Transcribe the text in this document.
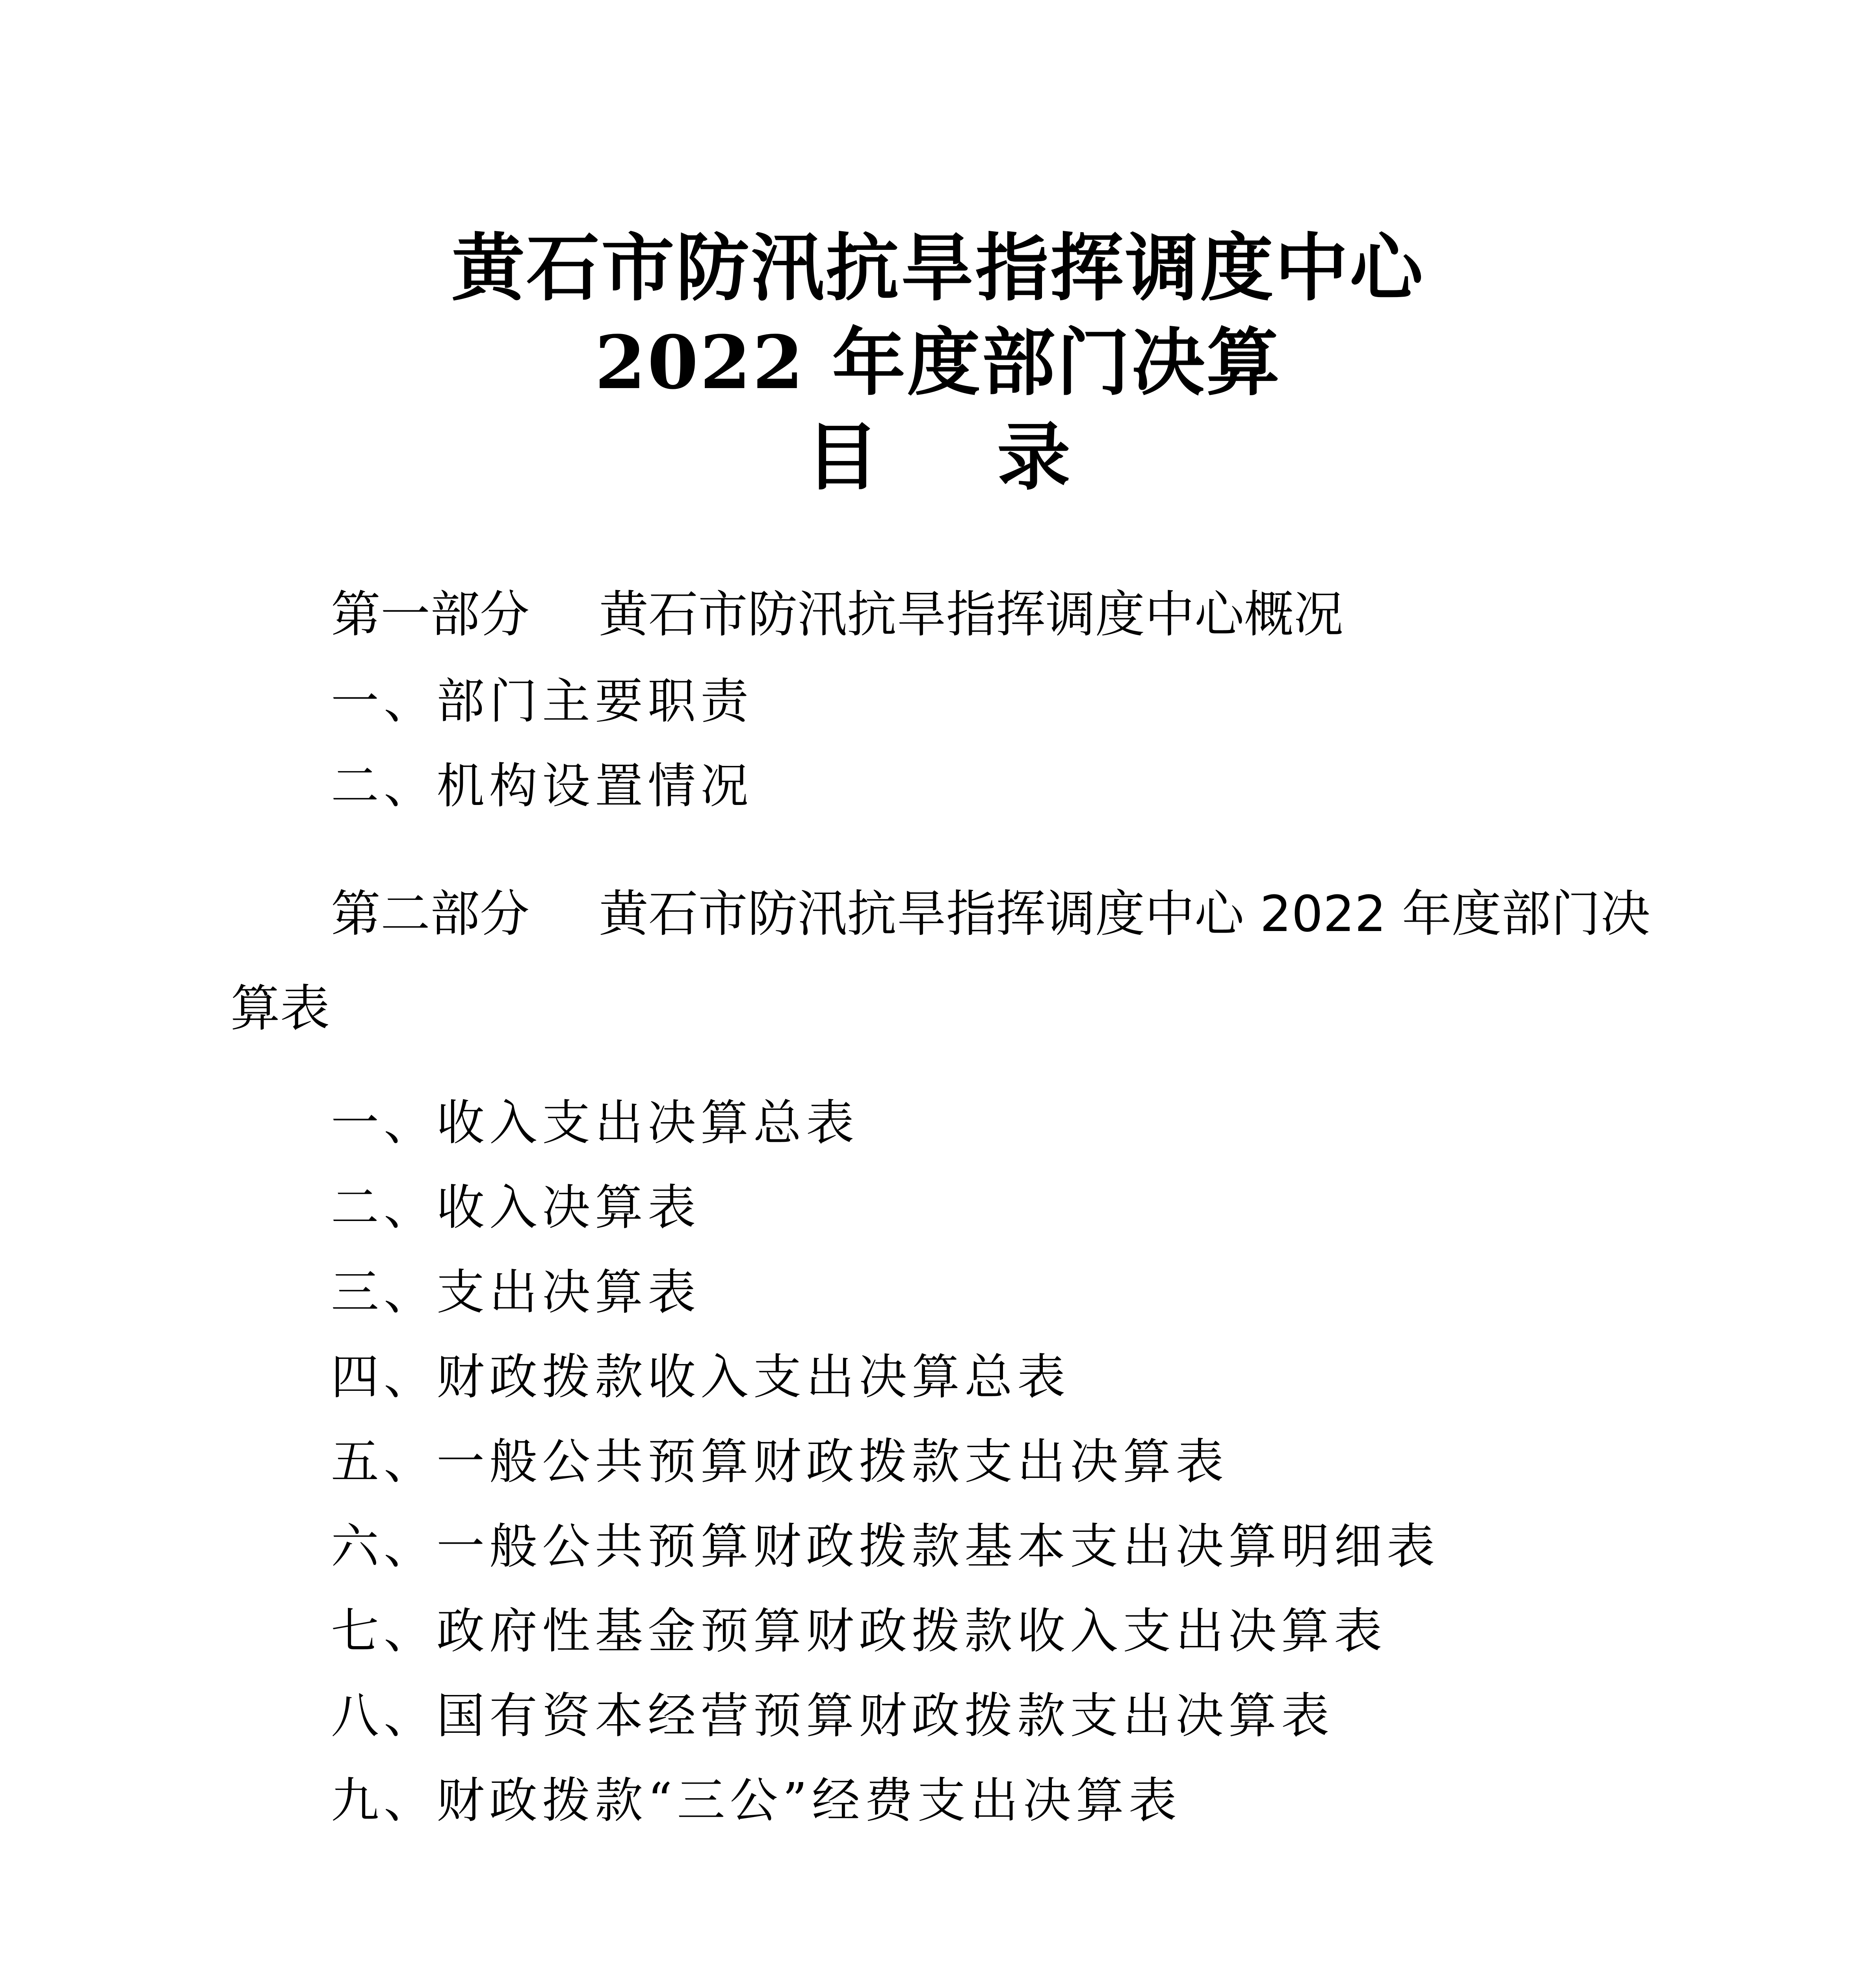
黄石市防汛抗旱指挥调度中心
2022 年度部门决算
目 录
第一部分 黄石市防汛抗旱指挥调度中心概况
一、部门主要职责
二、机构设置情况
第二部分 黄石市防汛抗旱指挥调度中心 2022 年度部门决算表
一、收入支出决算总表
二、收入决算表
三、支出决算表
四、财政拨款收入支出决算总表
五、一般公共预算财政拨款支出决算表
六、一般公共预算财政拨款基本支出决算明细表
七、政府性基金预算财政拨款收入支出决算表
八、国有资本经营预算财政拨款支出决算表
九、财政拨款“三公”经费支出决算表
